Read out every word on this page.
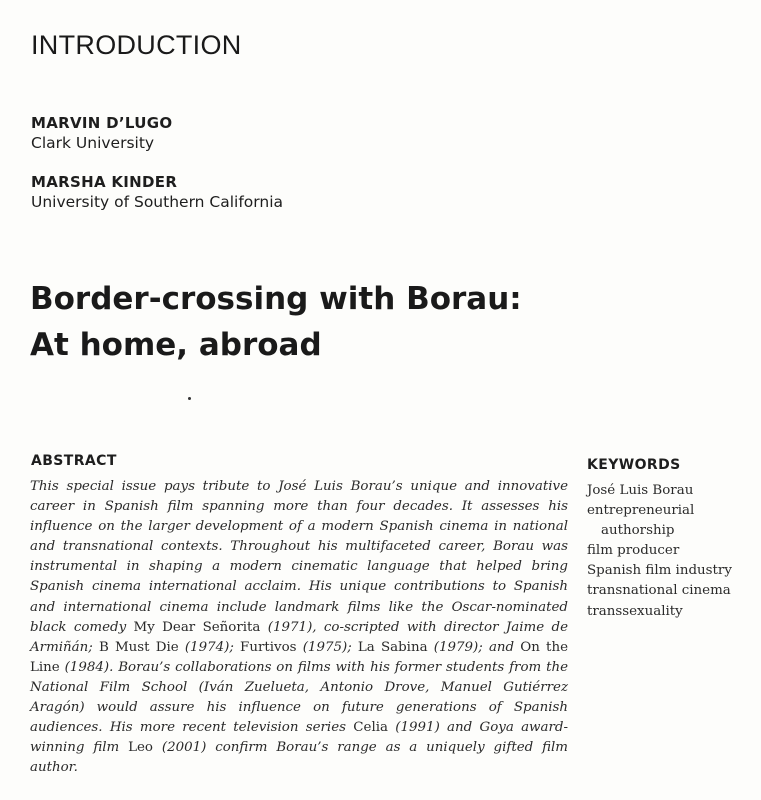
INTRODUCTION
MARVIN D’LUGO
Clark University
MARSHA KINDER
University of Southern California
Border-crossing with Borau:
At home, abroad
ABSTRACT
This special issue pays tribute to José Luis Borau’s unique and innovative career in Spanish film spanning more than four decades. It assesses his influence on the larger development of a modern Spanish cinema in national and transnational contexts. Throughout his multifaceted career, Borau was instrumental in shaping a modern cinematic language that helped bring Spanish cinema international acclaim. His unique contributions to Spanish and international cinema include landmark films like the Oscar-nominated black comedy My Dear Señorita (1971), co-scripted with director Jaime de Armiñán; B Must Die (1974); Furtivos (1975); La Sabina (1979); and On the Line (1984). Borau’s collaborations on films with his former students from the National Film School (Iván Zuelueta, Antonio Drove, Manuel Gutiérrez Aragón) would assure his influence on future generations of Spanish audiences. His more recent television series Celia (1991) and Goya award-winning film Leo (2001) confirm Borau’s range as a uniquely gifted film author.
KEYWORDS
José Luis Borau
entrepreneurial authorship
film producer
Spanish film industry
transnational cinema
transsexuality
